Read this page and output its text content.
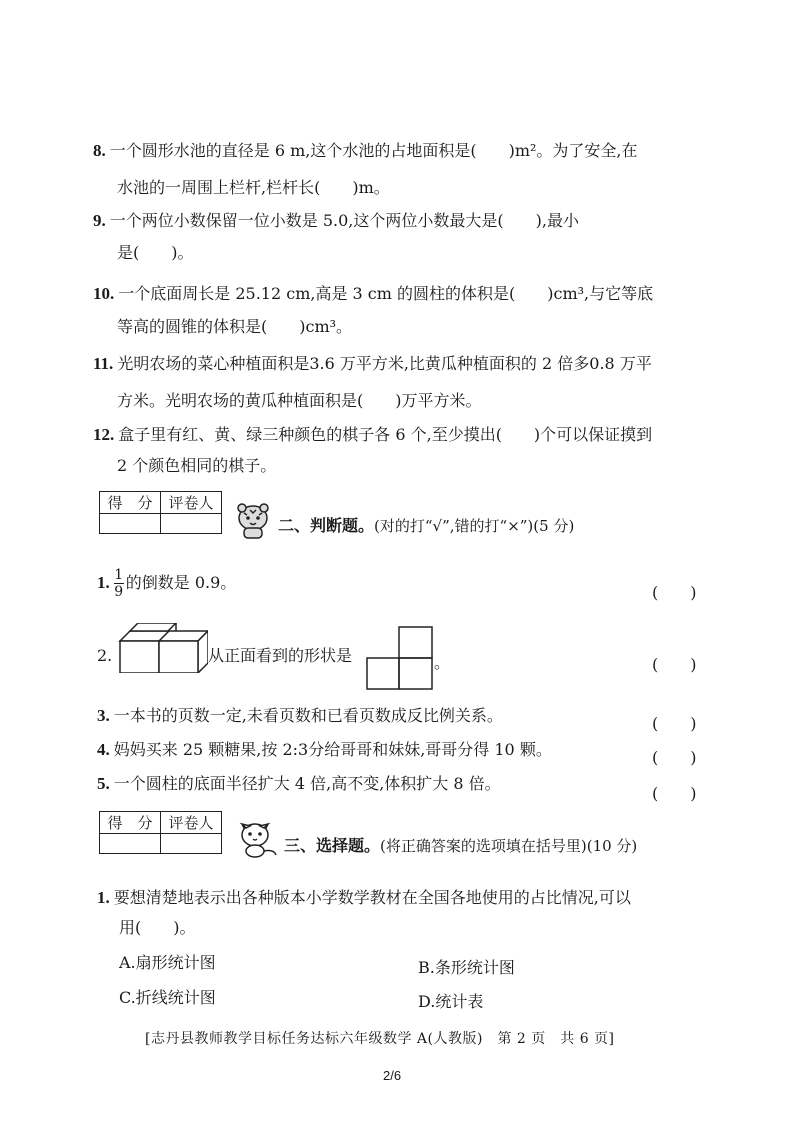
8. 一个圆形水池的直径是 6 m,这个水池的占地面积是(　　)m²。为了安全,在
水池的一周围上栏杆,栏杆长(　　)m。
9. 一个两位小数保留一位小数是 5.0,这个两位小数最大是(　　),最小
是(　　)。
10. 一个底面周长是 25.12 cm,高是 3 cm 的圆柱的体积是(　　)cm³,与它等底
等高的圆锥的体积是(　　)cm³。
11. 光明农场的菜心种植面积是3.6 万平方米,比黄瓜种植面积的 2 倍多0.8 万平
方米。光明农场的黄瓜种植面积是(　　)万平方米。
12. 盒子里有红、黄、绿三种颜色的棋子各 6 个,至少摸出(　　)个可以保证摸到
2 个颜色相同的棋子。
得　分	评卷人

二、判断题。(对的打“√”,错的打“×”)(5 分)
1. $\frac{1}{9}$ 的倒数是 0.9。
(　　)
2.	从正面看到的形状是	。	(　　)
3. 一本书的页数一定,未看页数和已看页数成反比例关系。	(　　)
4. 妈妈买来 25 颗糖果,按 2:3分给哥哥和妹妹,哥哥分得 10 颗。	(　　)
5. 一个圆柱的底面半径扩大 4 倍,高不变,体积扩大 8 倍。
(　　)
得　分	评卷人

三、选择题。(将正确答案的选项填在括号里)(10 分)
1. 要想清楚地表示出各种版本小学数学教材在全国各地使用的占比情况,可以
用(　　)。
A.扇形统计图	B.条形统计图
C.折线统计图	D.统计表
[志丹县教师教学目标任务达标六年级数学 A(人教版)　第 2 页　共 6 页]
2/6
